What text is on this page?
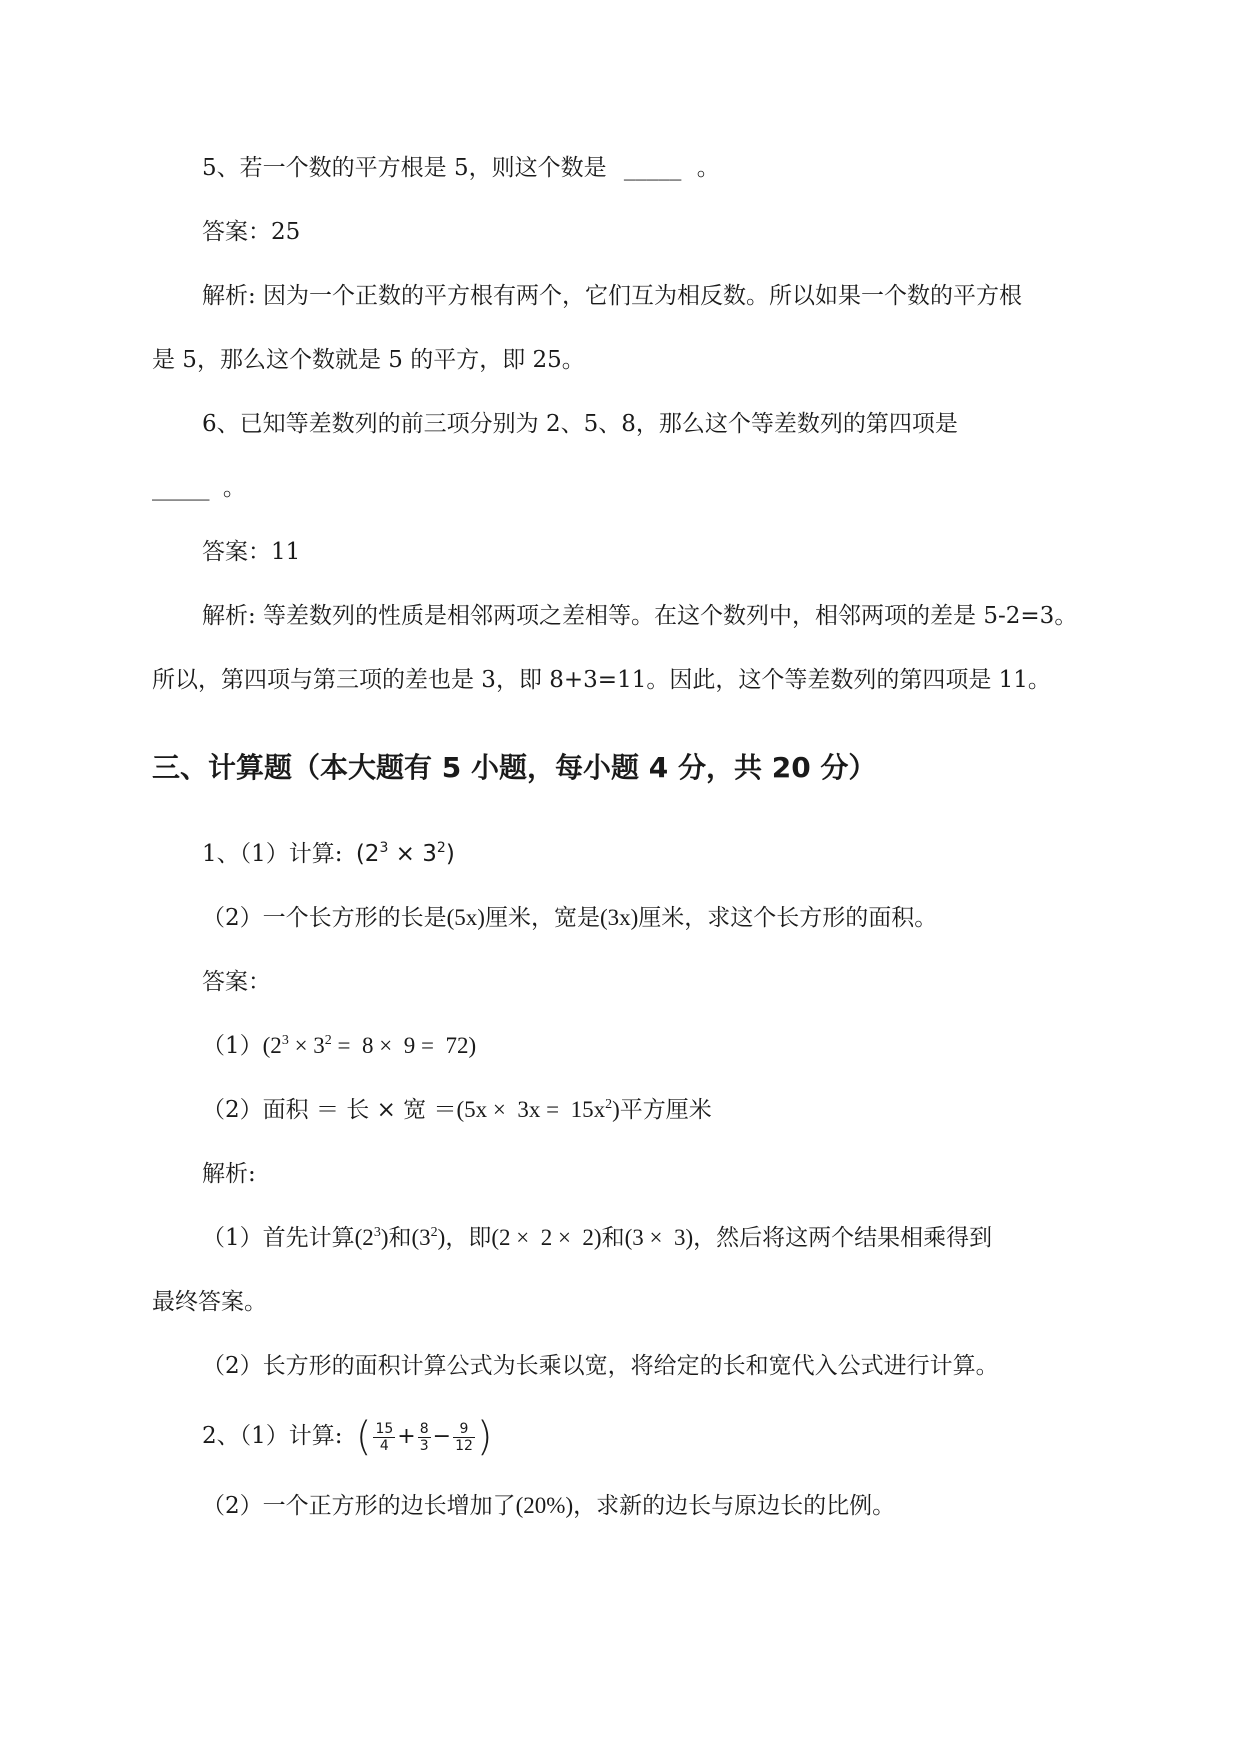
5、若一个数的平方根是 5，则这个数是 _____ 。
答案：25
解析: 因为一个正数的平方根有两个，它们互为相反数。所以如果一个数的平方根
是 5，那么这个数就是 5 的平方，即 25。
6、已知等差数列的前三项分别为 2、5、8，那么这个等差数列的第四项是
_____ 。
答案：11
解析: 等差数列的性质是相邻两项之差相等。在这个数列中，相邻两项的差是 5-2=3。
所以，第四项与第三项的差也是 3，即 8+3=11。因此，这个等差数列的第四项是 11。
三、计算题（本大题有 5 小题，每小题 4 分，共 20 分）
1、（1）计算: $(2^3 \times 3^2)$
（2）一个长方形的长是(5x)厘米，宽是(3x)厘米，求这个长方形的面积。
答案：
$(1)(2^3 \times 3^2 = 8 \times 9 = 72)$
（2）面积 ＝ 长 × 宽 $=(5x \times 3x = 15x^2)$平方厘米
解析:
（1）首先计算$(2^3)$和$(3^2)$，即(2 ×  2 ×  2)和(3 ×  3)，然后将这两个结果相乘得到
最终答案。
（2）长方形的面积计算公式为长乘以宽，将给定的长和宽代入公式进行计算。
2、（1）计算: ( $\frac{15}{4} + \frac{8}{3} - \frac{9}{12}$ )
（2）一个正方形的边长增加了(20%)，求新的边长与原边长的比例。
